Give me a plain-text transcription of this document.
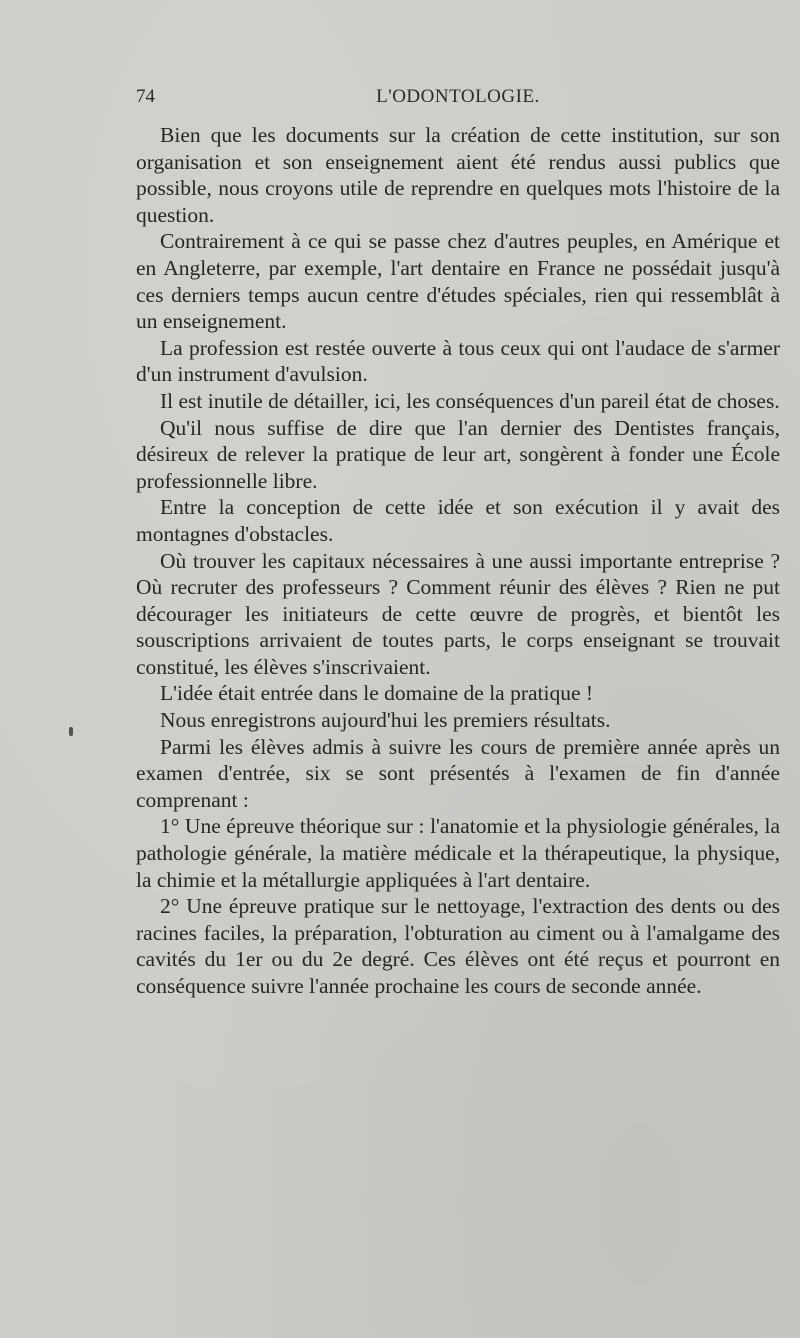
74	L'ODONTOLOGIE.

Bien que les documents sur la création de cette institution, sur son organisation et son enseignement aient été rendus aussi publics que possible, nous croyons utile de reprendre en quelques mots l'histoire de la question.

Contrairement à ce qui se passe chez d'autres peuples, en Amérique et en Angleterre, par exemple, l'art dentaire en France ne possédait jusqu'à ces derniers temps aucun centre d'études spéciales, rien qui ressemblât à un enseignement.

La profession est restée ouverte à tous ceux qui ont l'audace de s'armer d'un instrument d'avulsion.

Il est inutile de détailler, ici, les conséquences d'un pareil état de choses.

Qu'il nous suffise de dire que l'an dernier des Dentistes français, désireux de relever la pratique de leur art, songèrent à fonder une École professionnelle libre.

Entre la conception de cette idée et son exécution il y avait des montagnes d'obstacles.

Où trouver les capitaux nécessaires à une aussi importante entreprise ? Où recruter des professeurs ? Comment réunir des élèves ? Rien ne put décourager les initiateurs de cette œuvre de progrès, et bientôt les souscriptions arrivaient de toutes parts, le corps enseignant se trouvait constitué, les élèves s'inscrivaient.

L'idée était entrée dans le domaine de la pratique !

Nous enregistrons aujourd'hui les premiers résultats.

Parmi les élèves admis à suivre les cours de première année après un examen d'entrée, six se sont présentés à l'examen de fin d'année comprenant :

1° Une épreuve théorique sur : l'anatomie et la physiologie générales, la pathologie générale, la matière médicale et la thérapeutique, la physique, la chimie et la métallurgie appliquées à l'art dentaire.

2° Une épreuve pratique sur le nettoyage, l'extraction des dents ou des racines faciles, la préparation, l'obturation au ciment ou à l'amalgame des cavités du 1er ou du 2e degré. Ces élèves ont été reçus et pourront en conséquence suivre l'année prochaine les cours de seconde année.
